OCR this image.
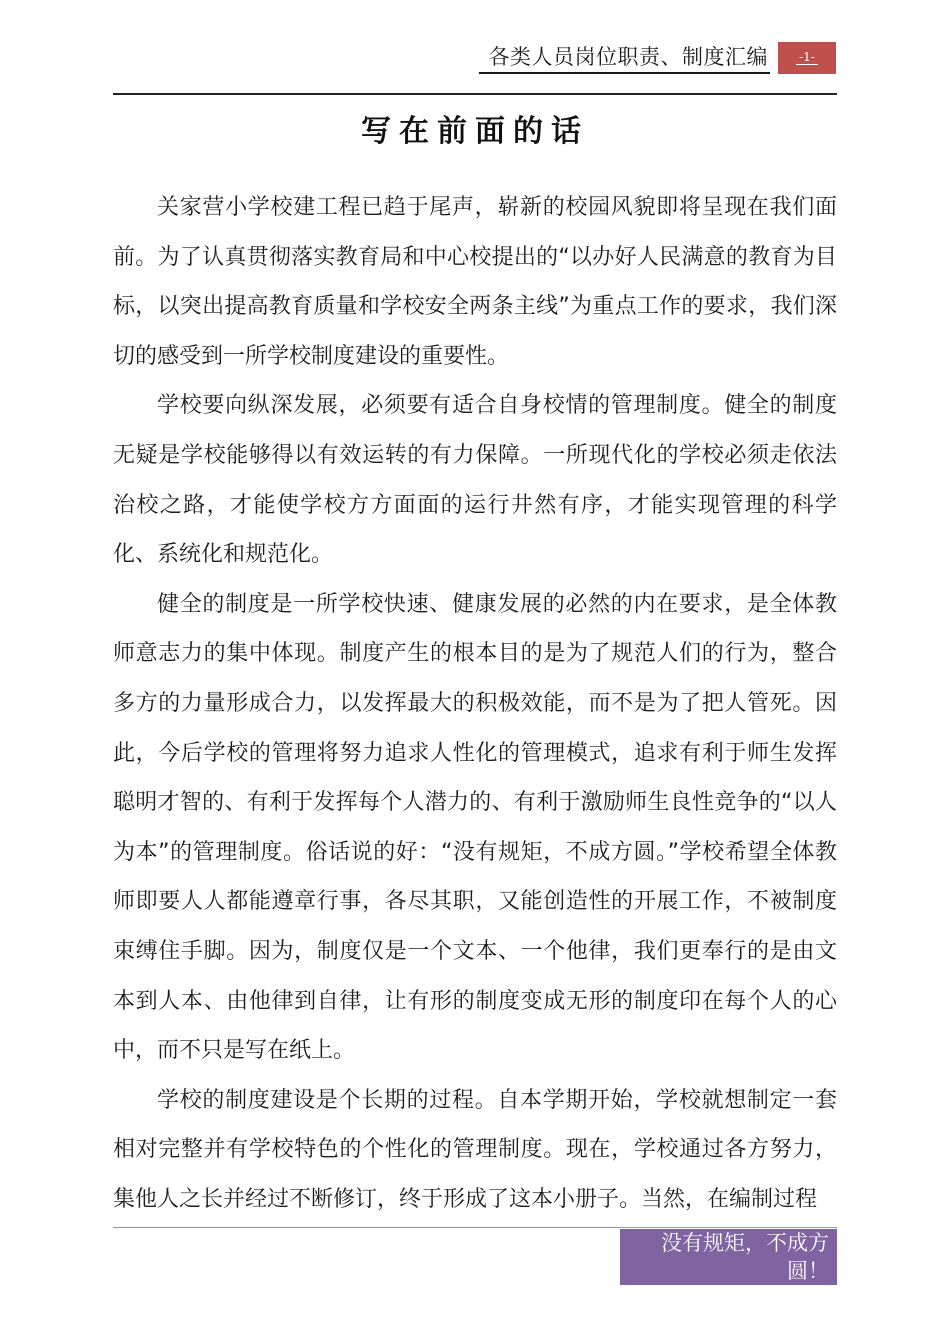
各类人员岗位职责、制度汇编	-1-
写在前面的话

关家营小学校建工程已趋于尾声，崭新的校园风貌即将呈现在我们面前。为了认真贯彻落实教育局和中心校提出的“以办好人民满意的教育为目标，以突出提高教育质量和学校安全两条主线”为重点工作的要求，我们深切的感受到一所学校制度建设的重要性。

学校要向纵深发展，必须要有适合自身校情的管理制度。健全的制度无疑是学校能够得以有效运转的有力保障。一所现代化的学校必须走依法治校之路，才能使学校方方面面的运行井然有序，才能实现管理的科学化、系统化和规范化。

健全的制度是一所学校快速、健康发展的必然的内在要求，是全体教师意志力的集中体现。制度产生的根本目的是为了规范人们的行为，整合多方的力量形成合力，以发挥最大的积极效能，而不是为了把人管死。因此，今后学校的管理将努力追求人性化的管理模式，追求有利于师生发挥聪明才智的、有利于发挥每个人潜力的、有利于激励师生良性竞争的“以人为本”的管理制度。俗话说的好：“没有规矩，不成方圆。”学校希望全体教师即要人人都能遵章行事，各尽其职，又能创造性的开展工作，不被制度束缚住手脚。因为，制度仅是一个文本、一个他律，我们更奉行的是由文本到人本、由他律到自律，让有形的制度变成无形的制度印在每个人的心中，而不只是写在纸上。

学校的制度建设是个长期的过程。自本学期开始，学校就想制定一套相对完整并有学校特色的个性化的管理制度。现在，学校通过各方努力，集他人之长并经过不断修订，终于形成了这本小册子。当然，在编制过程

没有规矩，不成方圆！
